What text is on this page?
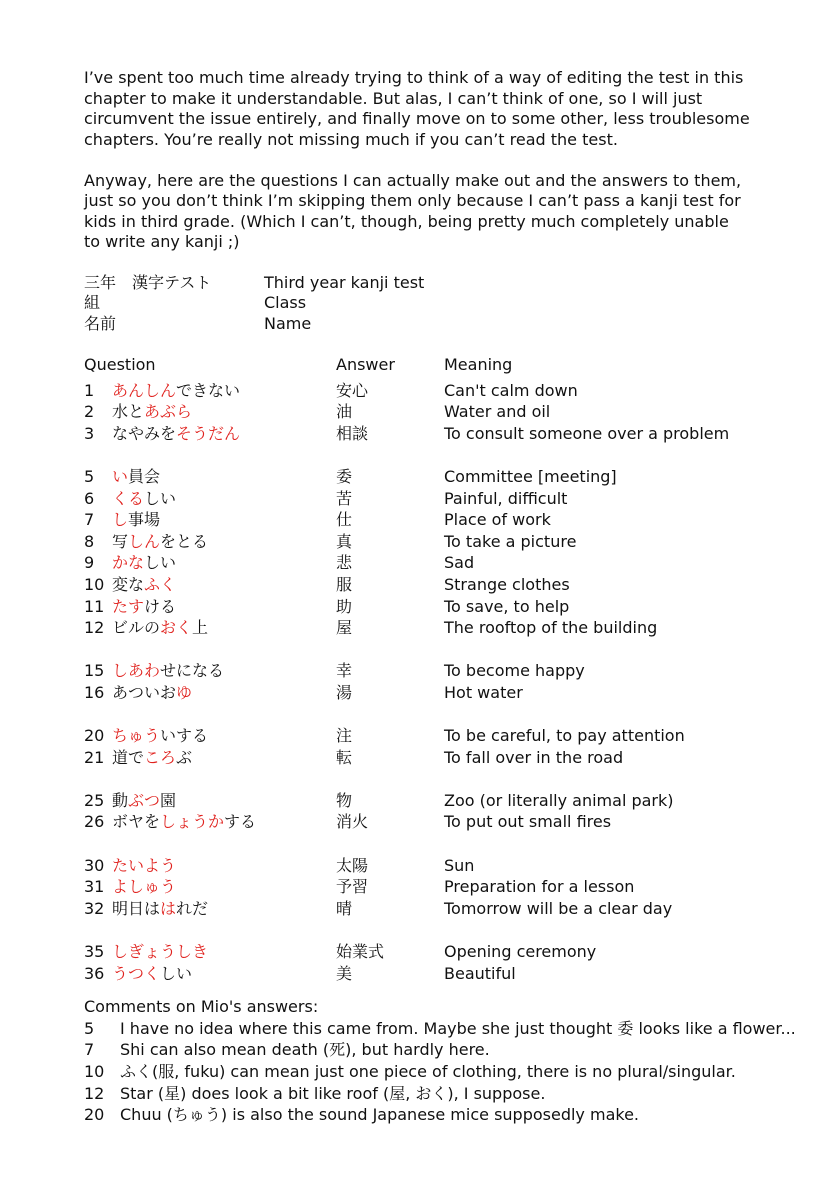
I’ve spent too much time already trying to think of a way of editing the test in this
chapter to make it understandable. But alas, I can’t think of one, so I will just
circumvent the issue entirely, and finally move on to some other, less troublesome
chapters. You’re really not missing much if you can’t read the test.

Anyway, here are the questions I can actually make out and the answers to them,
just so you don’t think I’m skipping them only because I can’t pass a kanji test for
kids in third grade. (Which I can’t, though, being pretty much completely unable
to write any kanji ;)

三年　漢字テスト	Third year kanji test
組	Class
名前	Name
Question	Answer	Meaning
1	あんしんできない	安心	Can't calm down
2	水とあぶら	油	Water and oil
3	なやみをそうだん	相談	To consult someone over a problem
5	い員会	委	Committee [meeting]
6	くるしい	苦	Painful, difficult
7	し事場	仕	Place of work
8	写しんをとる	真	To take a picture
9	かなしい	悲	Sad
10 変なふく	服	Strange clothes
11 たすける	助	To save, to help
12 ビルのおく上	屋	The rooftop of the building
15 しあわせになる	幸	To become happy
16 あついおゆ	湯	Hot water
20 ちゅういする	注	To be careful, to pay attention
21 道でころぶ	転	To fall over in the road
25 動ぶつ園	物	Zoo (or literally animal park)
26 ボヤをしょうかする	消火	To put out small fires
30 たいよう	太陽	Sun
31 よしゅう	予習	Preparation for a lesson
32 明日ははれだ	晴	Tomorrow will be a clear day
35 しぎょうしき	始業式	Opening ceremony
36 うつくしい	美	Beautiful
Comments on Mio's answers:
5	I have no idea where this came from. Maybe she just thought 委 looks like a flower...
7	Shi can also mean death (死), but hardly here.
10 ふく(服, fuku) can mean just one piece of clothing, there is no plural/singular.
12 Star (星) does look a bit like roof (屋, おく), I suppose.
20 Chuu (ちゅう) is also the sound Japanese mice supposedly make.
